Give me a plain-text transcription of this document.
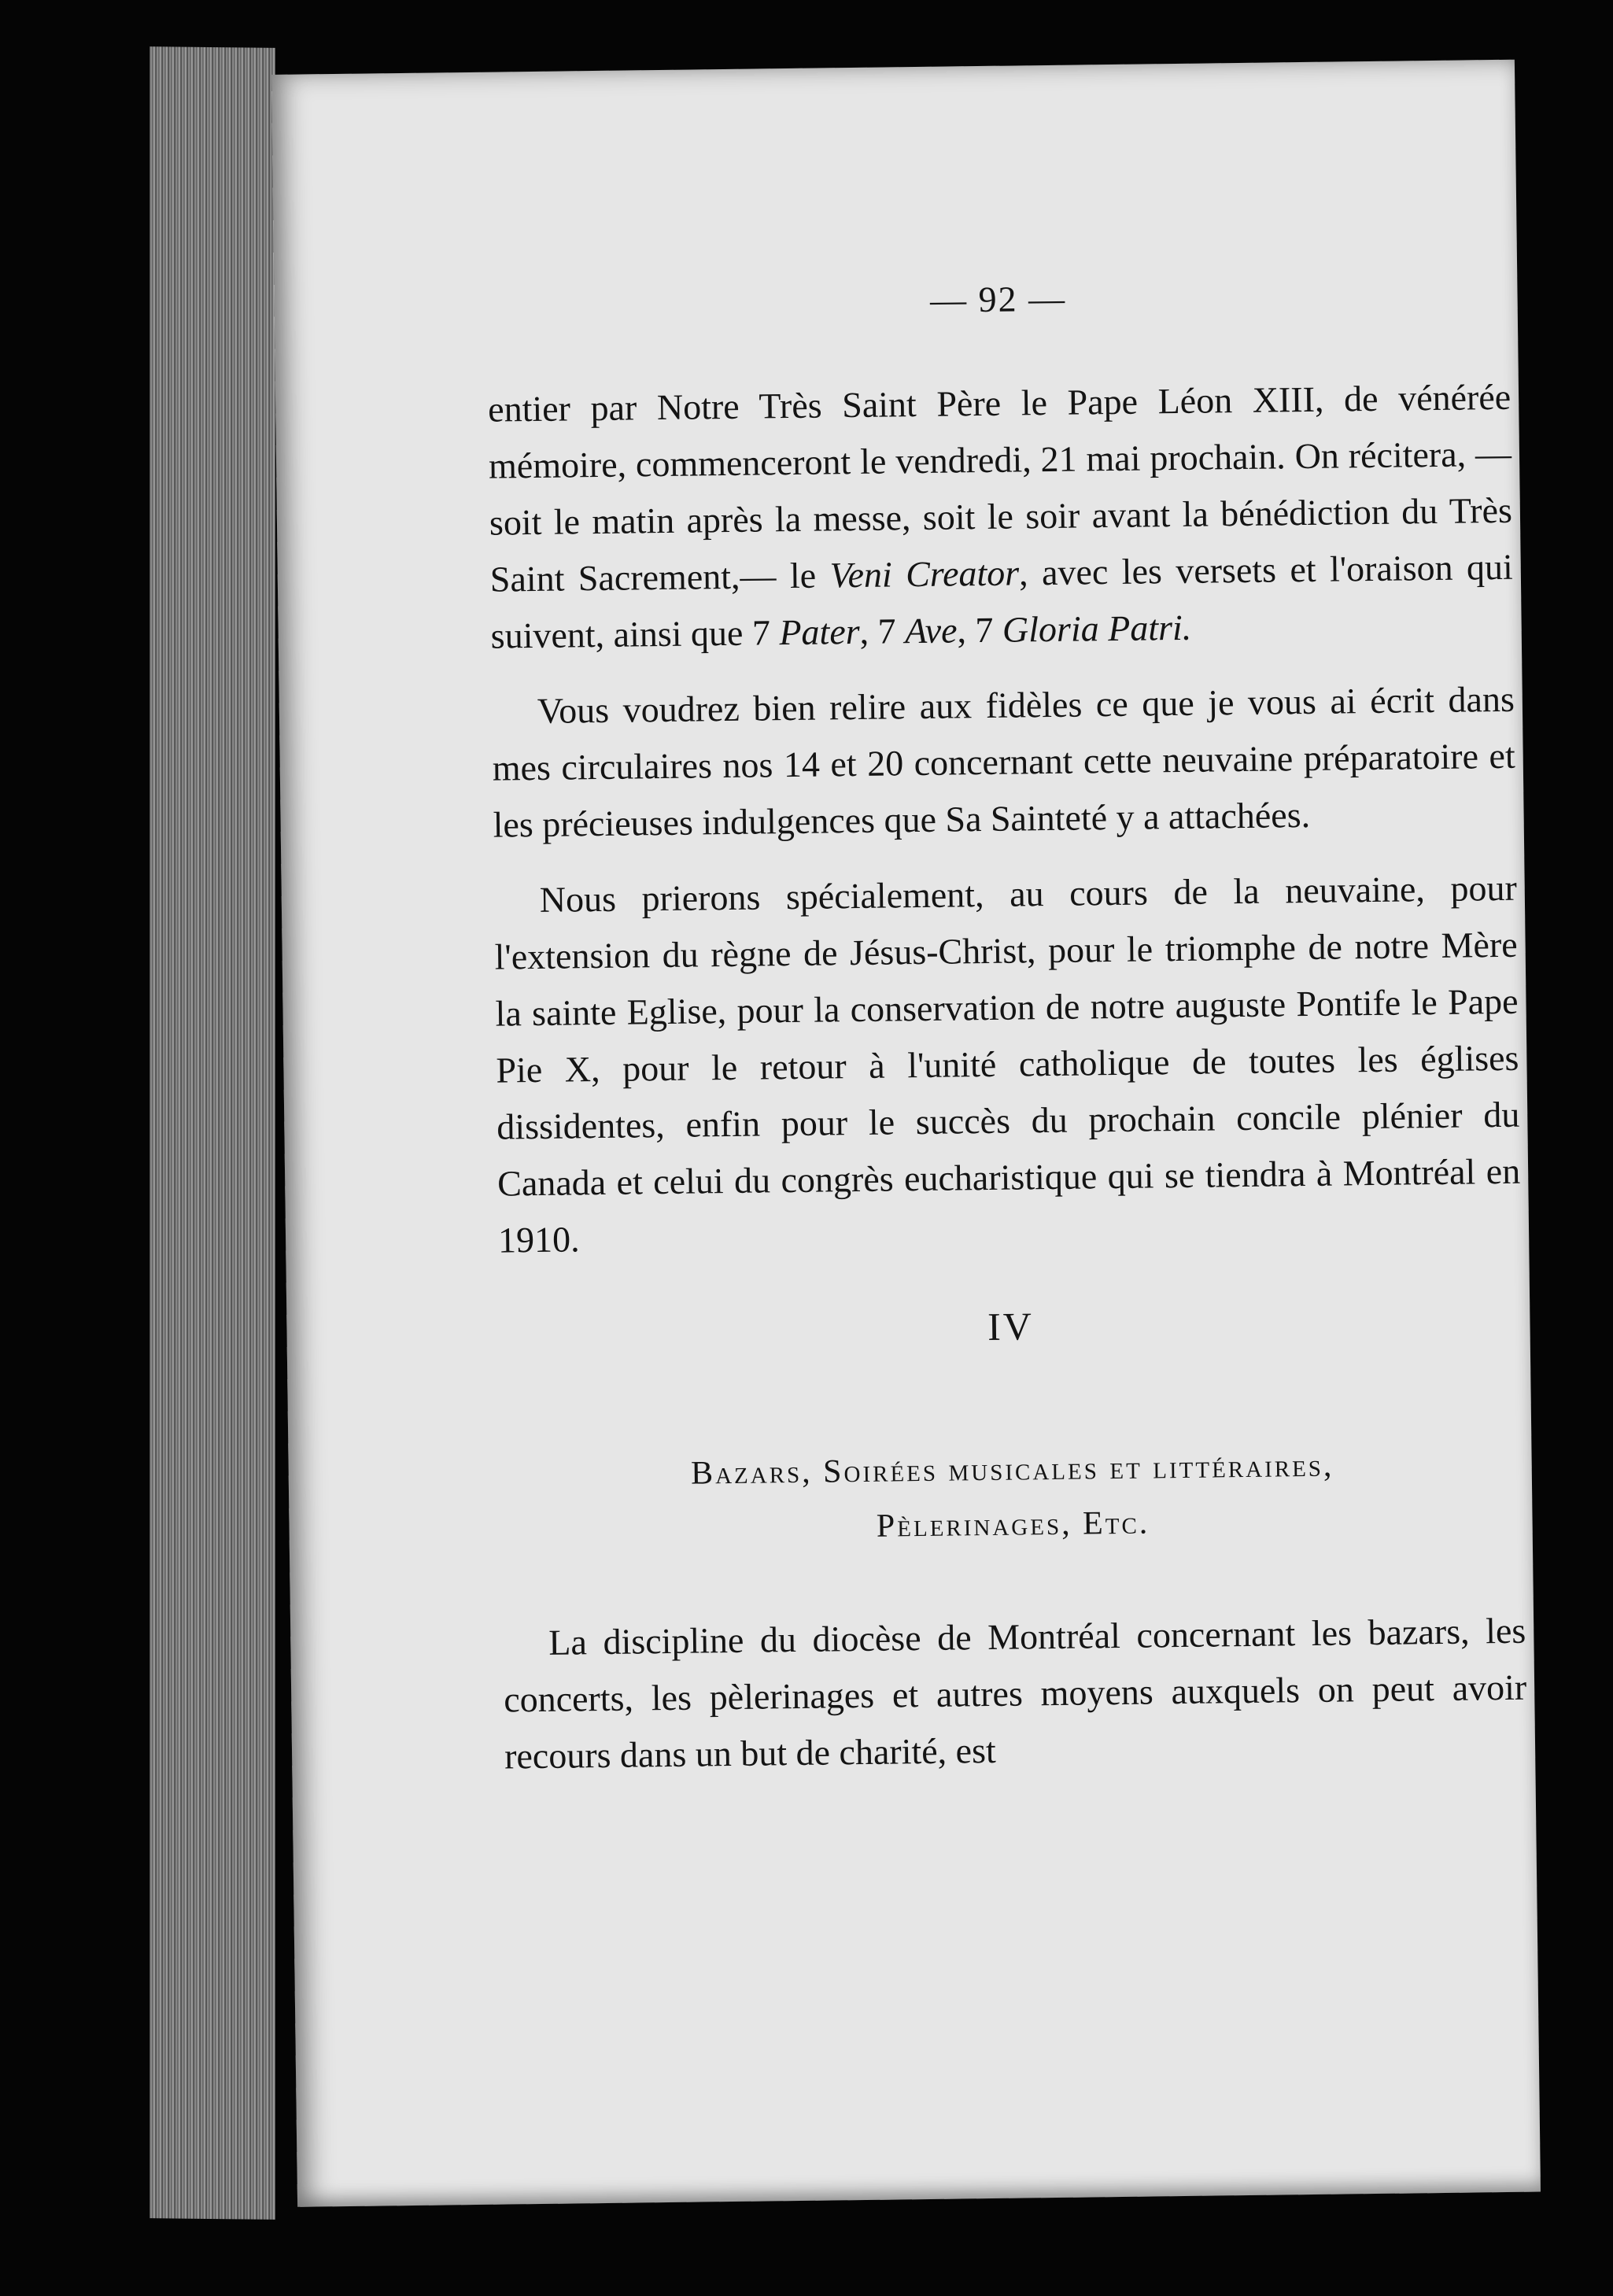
— 92 —

entier par Notre Très Saint Père le Pape Léon XIII, de vénérée mémoire, commenceront le vendredi, 21 mai prochain. On récitera, — soit le matin après la messe, soit le soir avant la bénédiction du Très Saint Sacrement,— le Veni Creator, avec les versets et l'oraison qui suivent, ainsi que 7 Pater, 7 Ave, 7 Gloria Patri.

Vous voudrez bien relire aux fidèles ce que je vous ai écrit dans mes circulaires nos 14 et 20 concernant cette neuvaine préparatoire et les précieuses indulgences que Sa Sainteté y a attachées.

Nous prierons spécialement, au cours de la neuvaine, pour l'extension du règne de Jésus-Christ, pour le triomphe de notre Mère la sainte Eglise, pour la conservation de notre auguste Pontife le Pape Pie X, pour le retour à l'unité catholique de toutes les églises dissidentes, enfin pour le succès du prochain concile plénier du Canada et celui du congrès eucharistique qui se tiendra à Montréal en 1910.

IV
Bazars, Soirées musicales et littéraires,
Pèlerinages, Etc.

La discipline du diocèse de Montréal concernant les bazars, les concerts, les pèlerinages et autres moyens auxquels on peut avoir recours dans un but de charité, est
